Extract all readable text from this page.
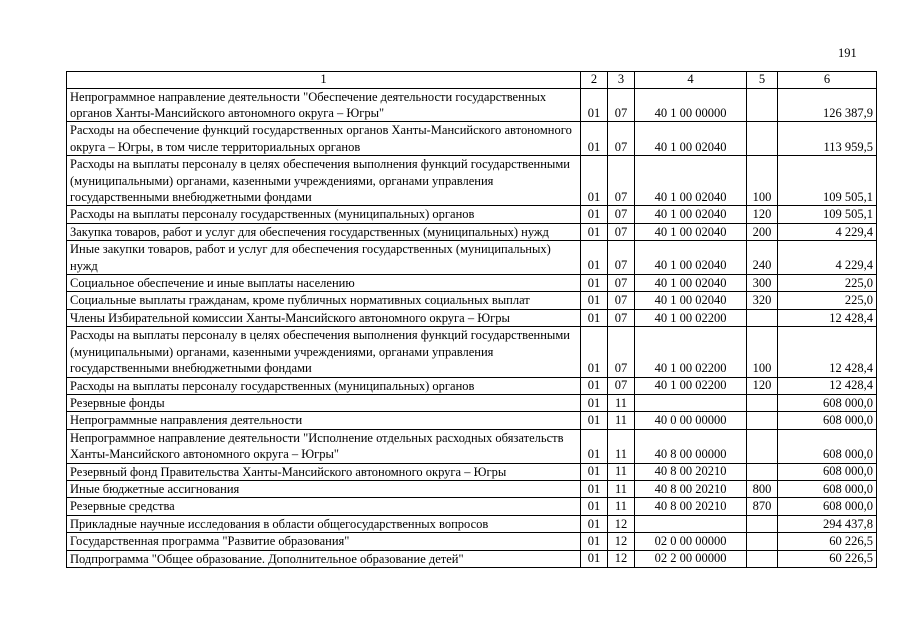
191
1	2	3	4	5	6
Непрограммное направление деятельности "Обеспечение деятельности государственных органов Ханты-Мансийского автономного округа – Югры"	01	07	40 1 00 00000		126 387,9
Расходы на обеспечение функций государственных органов Ханты-Мансийского автономного округа – Югры, в том числе территориальных органов	01	07	40 1 00 02040		113 959,5
Расходы на выплаты персоналу в целях обеспечения выполнения функций государственными (муниципальными) органами, казенными учреждениями, органами управления государственными внебюджетными фондами	01	07	40 1 00 02040	100	109 505,1
Расходы на выплаты персоналу государственных (муниципальных) органов	01	07	40 1 00 02040	120	109 505,1
Закупка товаров, работ и услуг для обеспечения государственных (муниципальных) нужд	01	07	40 1 00 02040	200	4 229,4
Иные закупки товаров, работ и услуг для обеспечения государственных (муниципальных) нужд	01	07	40 1 00 02040	240	4 229,4
Социальное обеспечение и иные выплаты населению	01	07	40 1 00 02040	300	225,0
Социальные выплаты гражданам, кроме публичных нормативных социальных выплат	01	07	40 1 00 02040	320	225,0
Члены Избирательной комиссии Ханты-Мансийского автономного округа – Югры	01	07	40 1 00 02200		12 428,4
Расходы на выплаты персоналу в целях обеспечения выполнения функций государственными (муниципальными) органами, казенными учреждениями, органами управления государственными внебюджетными фондами	01	07	40 1 00 02200	100	12 428,4
Расходы на выплаты персоналу государственных (муниципальных) органов	01	07	40 1 00 02200	120	12 428,4
Резервные фонды	01	11			608 000,0
Непрограммные направления деятельности	01	11	40 0 00 00000		608 000,0
Непрограммное направление деятельности "Исполнение отдельных расходных обязательств Ханты-Мансийского автономного округа – Югры"	01	11	40 8 00 00000		608 000,0
Резервный фонд Правительства Ханты-Мансийского автономного округа – Югры	01	11	40 8 00 20210		608 000,0
Иные бюджетные ассигнования	01	11	40 8 00 20210	800	608 000,0
Резервные средства	01	11	40 8 00 20210	870	608 000,0
Прикладные научные исследования в области общегосударственных вопросов	01	12			294 437,8
Государственная программа "Развитие образования"	01	12	02 0 00 00000		60 226,5
Подпрограмма "Общее образование. Дополнительное образование детей"	01	12	02 2 00 00000		60 226,5
